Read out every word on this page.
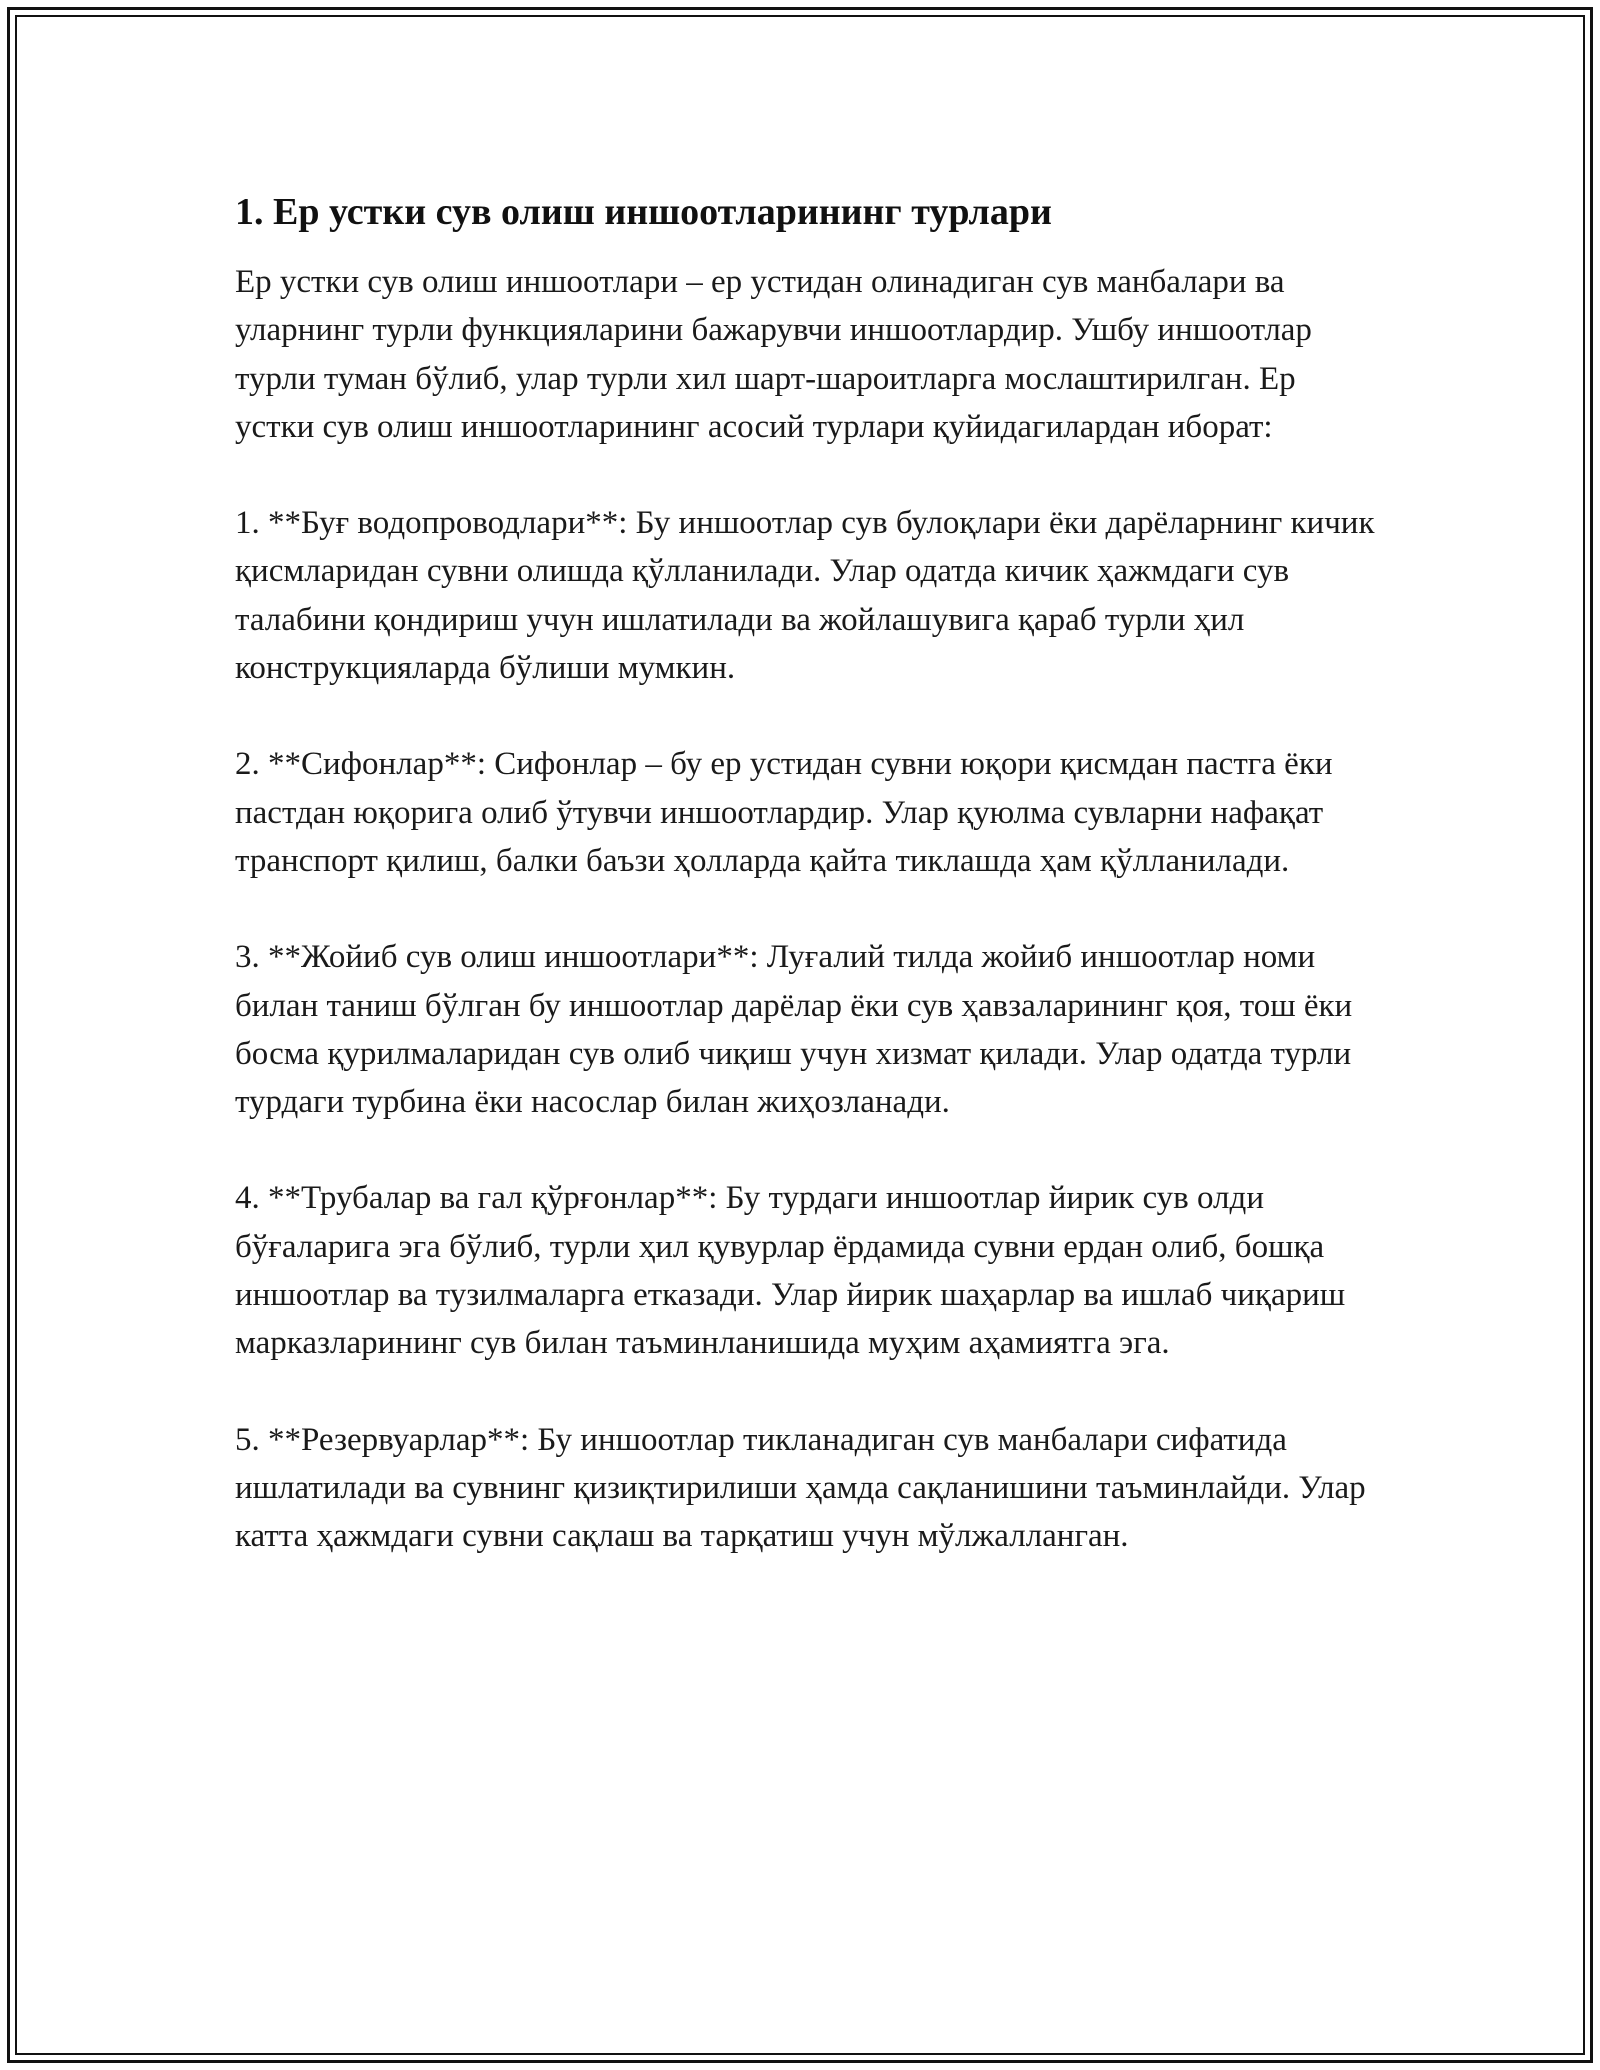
1. Ер устки сув олиш иншоотларининг турлари

Ер устки сув олиш иншоотлари – ер устидан олинадиган сув манбалари ва уларнинг турли функцияларини бажарувчи иншоотлардир. Ушбу иншоотлар турли туман бўлиб, улар турли хил шарт-шароитларга мослаштирилган. Ер устки сув олиш иншоотларининг асосий турлари қуйидагилардан иборат:

1. **Буғ водопроводлари**: Бу иншоотлар сув булоқлари ёки дарёларнинг кичик қисмларидан сувни олишда қўлланилади. Улар одатда кичик ҳажмдаги сув талабини қондириш учун ишлатилади ва жойлашувига қараб турли ҳил конструкцияларда бўлиши мумкин.

2. **Сифонлар**: Сифонлар – бу ер устидан сувни юқори қисмдан пастга ёки пастдан юқорига олиб ўтувчи иншоотлардир. Улар қуюлма сувларни нафақат транспорт қилиш, балки баъзи ҳолларда қайта тиклашда ҳам қўлланилади.

3. **Жойиб сув олиш иншоотлари**: Луғалий тилда жойиб иншоотлар номи билан таниш бўлган бу иншоотлар дарёлар ёки сув ҳавзаларининг қоя, тош ёки босма қурилмаларидан сув олиб чиқиш учун хизмат қилади. Улар одатда турли турдаги турбина ёки насослар билан жиҳозланади.

4. **Трубалар ва гал қўрғонлар**: Бу турдаги иншоотлар йирик сув олди бўғаларига эга бўлиб, турли ҳил қувурлар ёрдамида сувни ердан олиб, бошқа иншоотлар ва тузилмаларга етказади. Улар йирик шаҳарлар ва ишлаб чиқариш марказларининг сув билан таъминланишида муҳим аҳамиятга эга.

5. **Резервуарлар**: Бу иншоотлар тикланадиган сув манбалари сифатида ишлатилади ва сувнинг қизиқтирилиши ҳамда сақланишини таъминлайди. Улар катта ҳажмдаги сувни сақлаш ва тарқатиш учун мўлжалланган.
